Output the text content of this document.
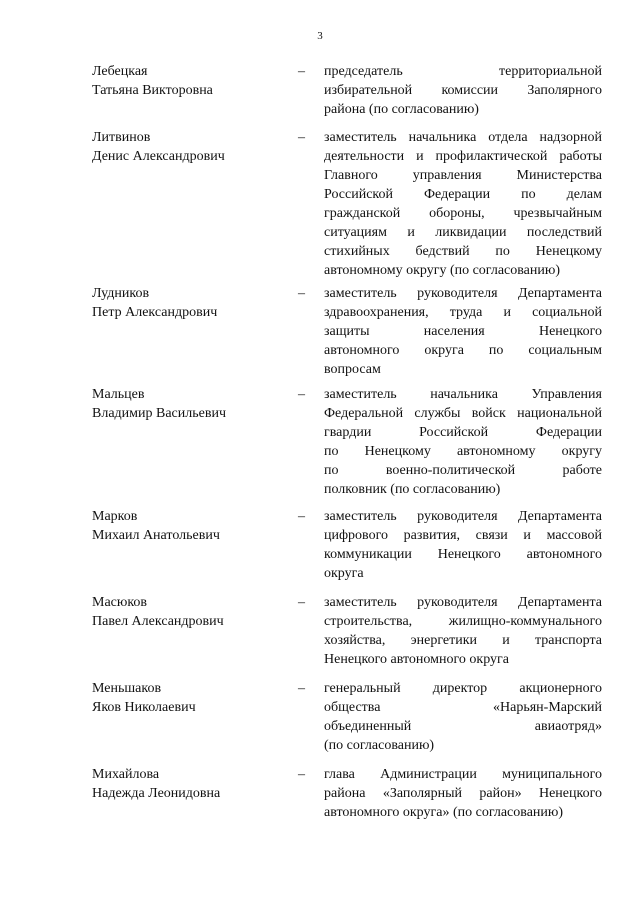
3
Лебецкая
Татьяна Викторовна
–	председатель территориальной
избирательной комиссии Заполярного
района (по согласованию)
Литвинов
Денис Александрович
–	заместитель начальника отдела надзорной
деятельности и профилактической работы
Главного управления Министерства
Российской Федерации по делам
гражданской обороны, чрезвычайным
ситуациям и ликвидации последствий
стихийных бедствий по Ненецкому
автономному округу (по согласованию)
Лудников
Петр Александрович
–	заместитель руководителя Департамента
здравоохранения, труда и социальной
защиты населения Ненецкого
автономного округа по социальным
вопросам
Мальцев
Владимир Васильевич
–	заместитель начальника Управления
Федеральной службы войск национальной
гвардии Российской Федерации
по Ненецкому автономному округу
по военно-политической работе
полковник (по согласованию)
Марков
Михаил Анатольевич
–	заместитель руководителя Департамента
цифрового развития, связи и массовой
коммуникации Ненецкого автономного
округа
Масюков
Павел Александрович
–	заместитель руководителя Департамента
строительства, жилищно-коммунального
хозяйства, энергетики и транспорта
Ненецкого автономного округа
Меньшаков
Яков Николаевич
–	генеральный директор акционерного
общества «Нарьян-Марский
объединенный авиаотряд»
(по согласованию)
Михайлова
Надежда Леонидовна
–	глава Администрации муниципального
района «Заполярный район» Ненецкого
автономного округа» (по согласованию)
